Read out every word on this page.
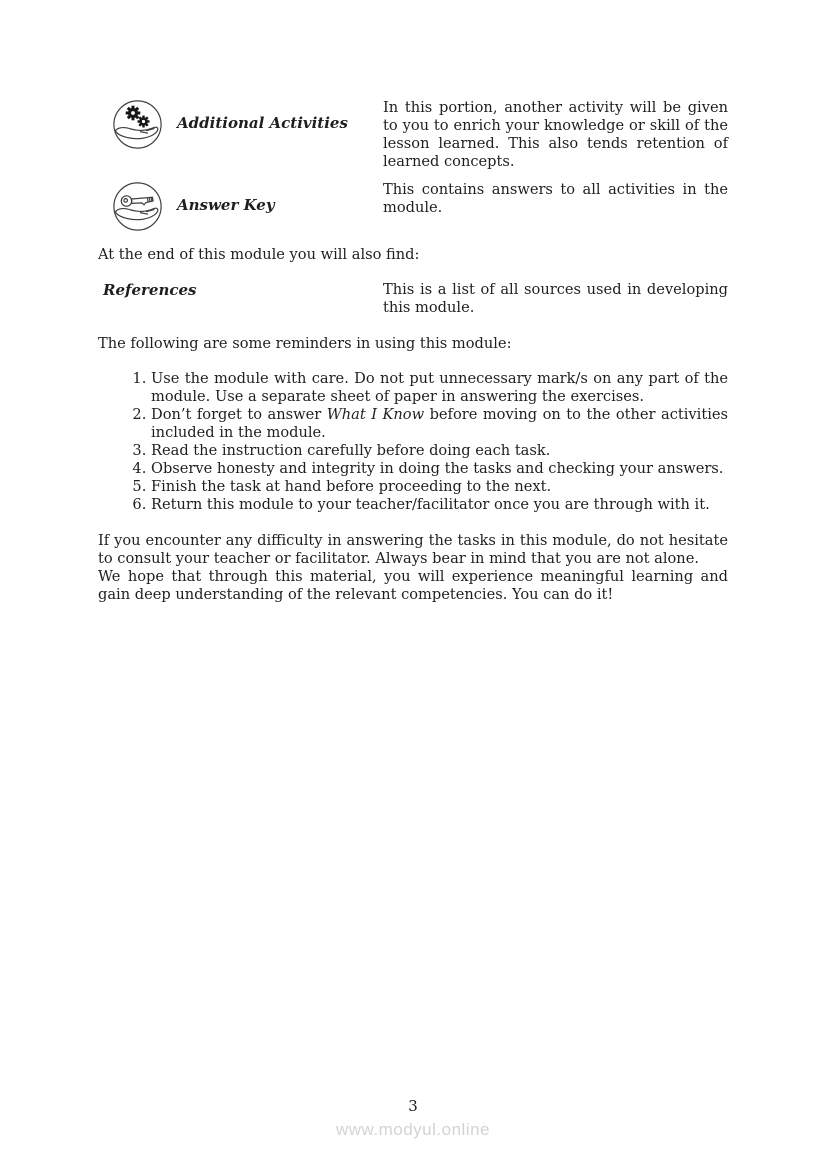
Additional Activities
In this portion, another activity will be given to you to enrich your knowledge or skill of the lesson learned. This also tends retention of learned concepts.
Answer Key
This contains answers to all activities in the module.

At the end of this module you will also find:

References	This is a list of all sources used in developing this module.

The following are some reminders in using this module:

1. Use the module with care. Do not put unnecessary mark/s on any part of the module. Use a separate sheet of paper in answering the exercises.
2. Don’t forget to answer What I Know before moving on to the other activities included in the module.
3. Read the instruction carefully before doing each task.
4. Observe honesty and integrity in doing the tasks and checking your answers.
5. Finish the task at hand before proceeding to the next.
6. Return this module to your teacher/facilitator once you are through with it.

If you encounter any difficulty in answering the tasks in this module, do not hesitate to consult your teacher or facilitator. Always bear in mind that you are not alone.

We hope that through this material, you will experience meaningful learning and gain deep understanding of the relevant competencies. You can do it!

3
www.modyul.online
